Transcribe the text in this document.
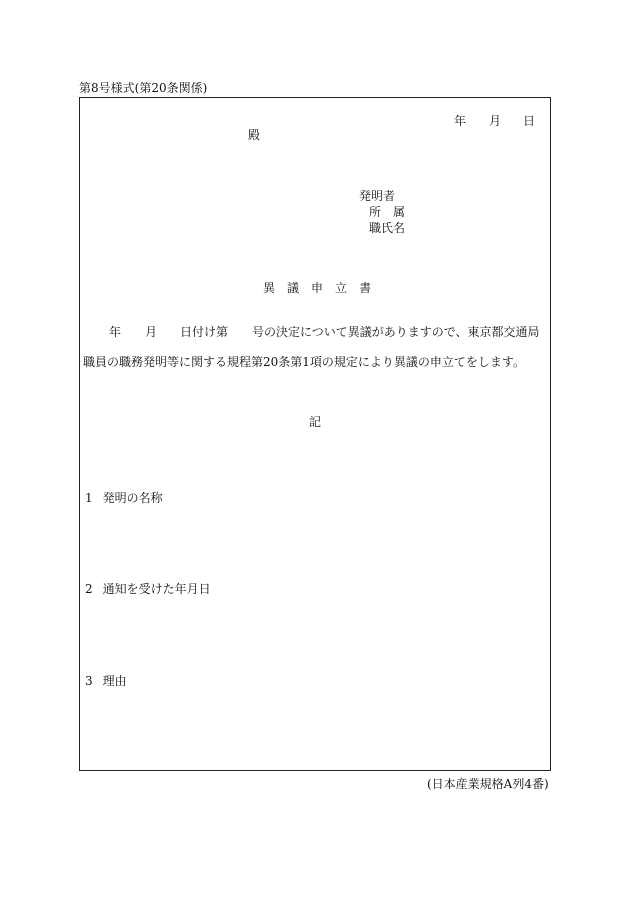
第8号様式(第20条関係)
年 月 日
殿
発明者
所 属
職氏名
異 議 申 立 書
年 月 日付け第 号の決定について異議がありますので、東京都交通局
職員の職務発明等に関する規程第20条第1項の規定により異議の申立てをします。
記
1 発明の名称
2 通知を受けた年月日
3 理由
(日本産業規格A列4番)
